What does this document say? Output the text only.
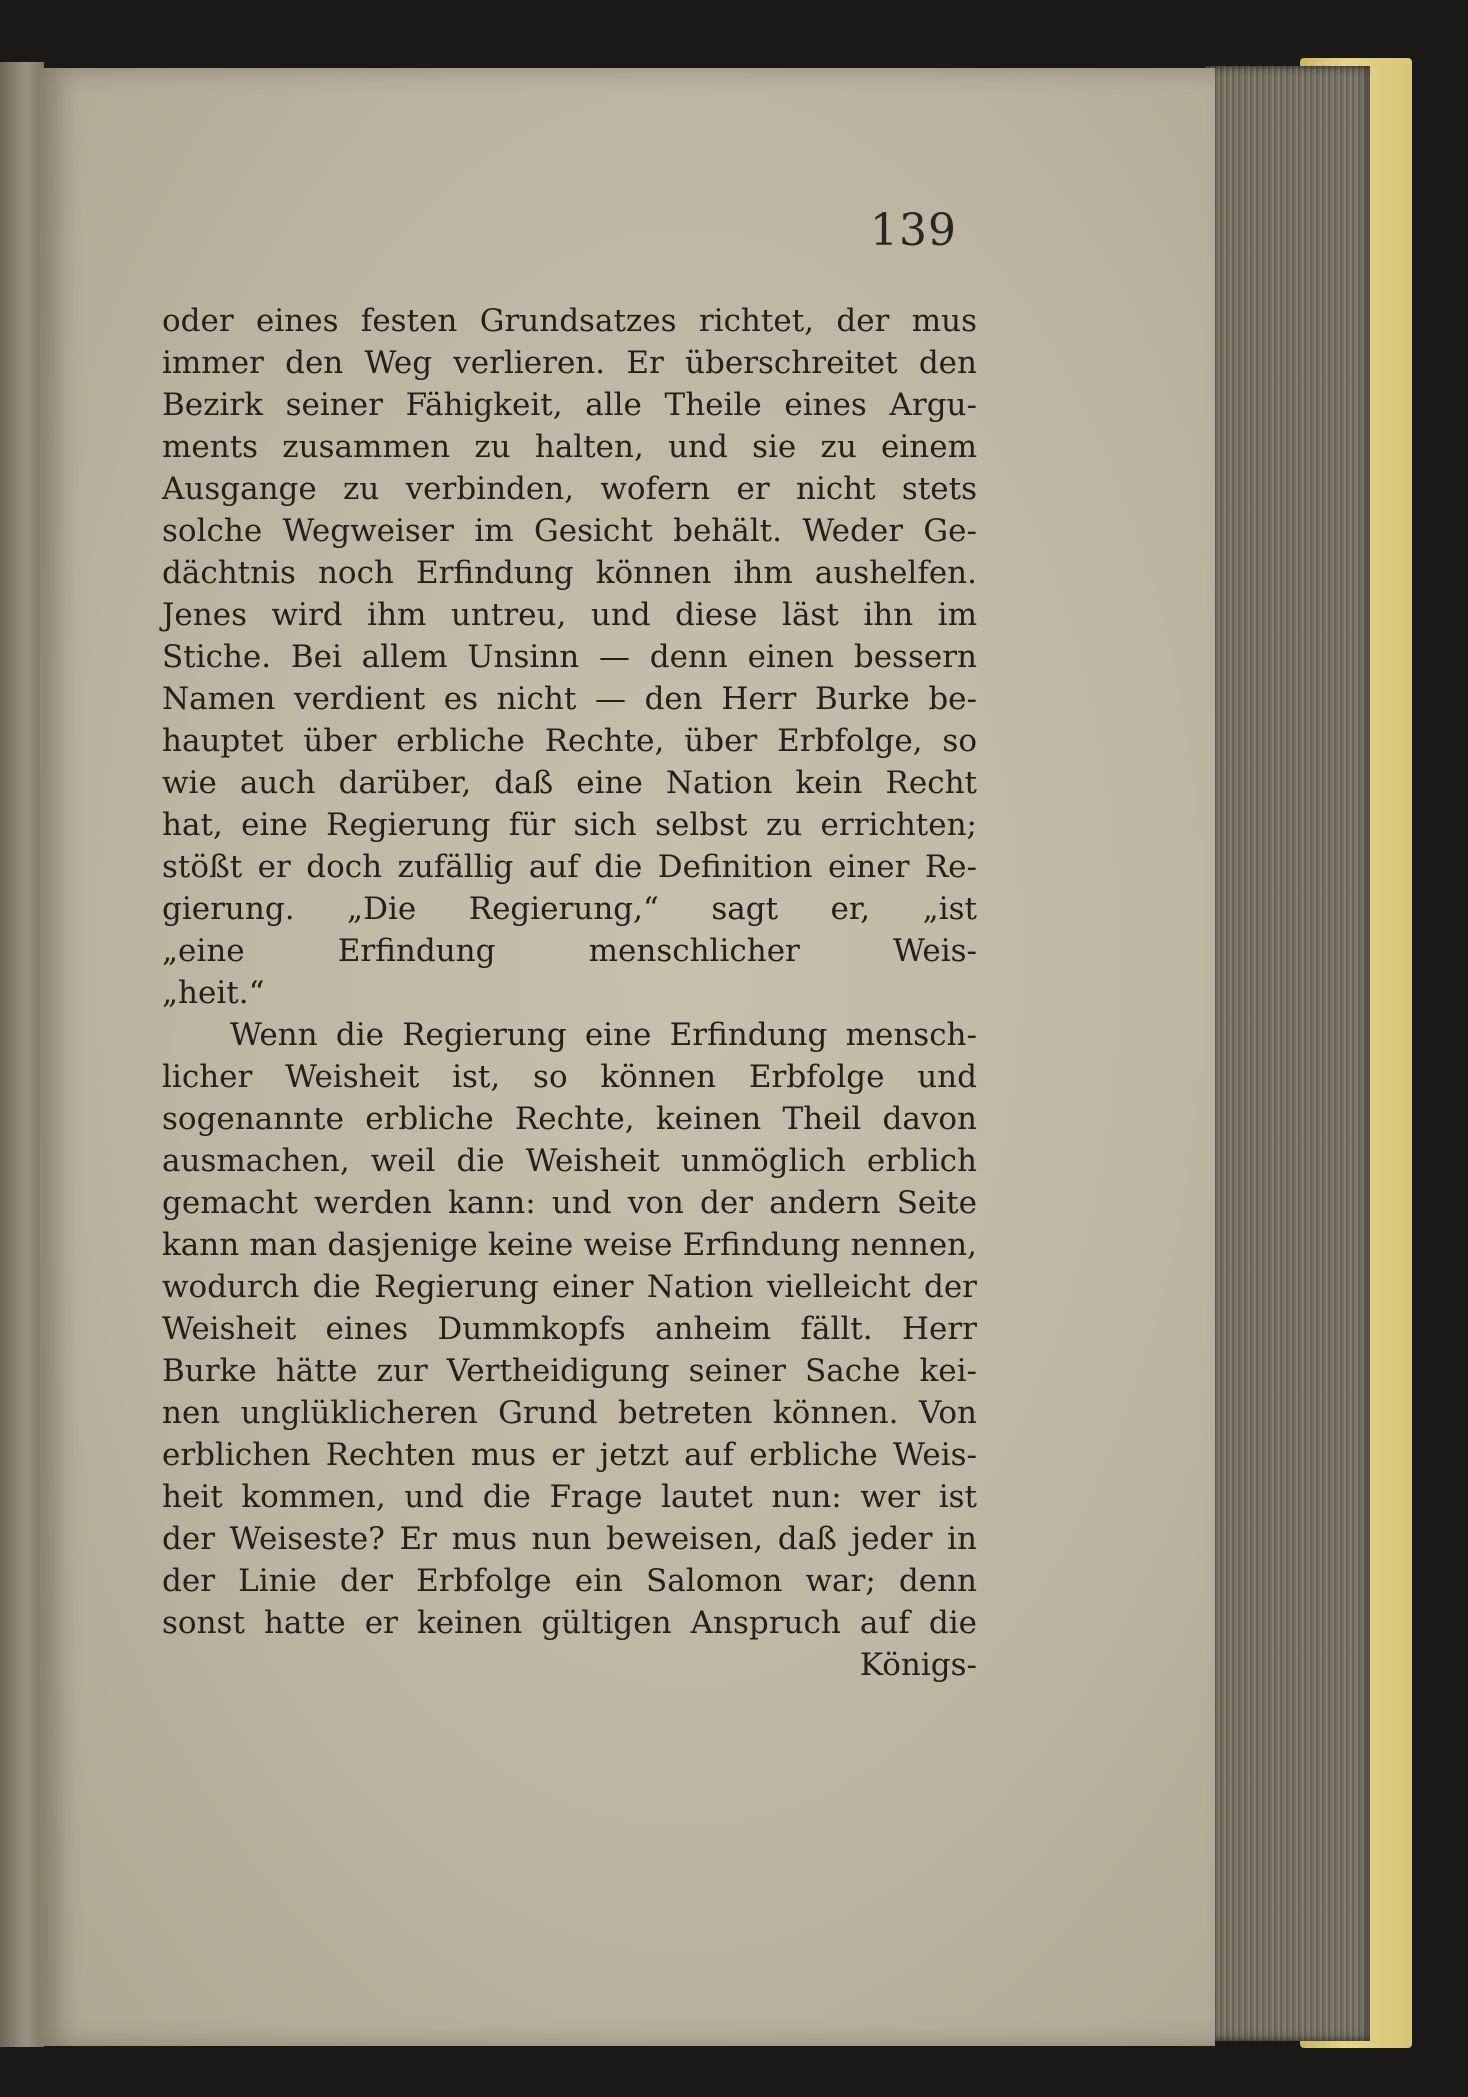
139
oder eines festen Grundsatzes richtet, der mus
immer den Weg verlieren. Er überschreitet den
Bezirk seiner Fähigkeit, alle Theile eines Argu-
ments zusammen zu halten, und sie zu einem
Ausgange zu verbinden, wofern er nicht stets
solche Wegweiser im Gesicht behält. Weder Ge-
dächtnis noch Erfindung können ihm aushelfen.
Jenes wird ihm untreu, und diese läst ihn im
Stiche. Bei allem Unsinn — denn einen bessern
Namen verdient es nicht — den Herr Burke be-
hauptet über erbliche Rechte, über Erbfolge, so
wie auch darüber, daß eine Nation kein Recht
hat, eine Regierung für sich selbst zu errichten;
stößt er doch zufällig auf die Definition einer Re-
gierung. „Die Regierung,“ sagt er, „ist
„eine Erfindung menschlicher Weis-
„heit.“
Wenn die Regierung eine Erfindung mensch-
licher Weisheit ist, so können Erbfolge und
sogenannte erbliche Rechte, keinen Theil davon
ausmachen, weil die Weisheit unmöglich erblich
gemacht werden kann: und von der andern Seite
kann man dasjenige keine weise Erfindung nennen,
wodurch die Regierung einer Nation vielleicht der
Weisheit eines Dummkopfs anheim fällt. Herr
Burke hätte zur Vertheidigung seiner Sache kei-
nen unglüklicheren Grund betreten können. Von
erblichen Rechten mus er jetzt auf erbliche Weis-
heit kommen, und die Frage lautet nun: wer ist
der Weiseste? Er mus nun beweisen, daß jeder in
der Linie der Erbfolge ein Salomon war; denn
sonst hatte er keinen gültigen Anspruch auf die
Königs-
